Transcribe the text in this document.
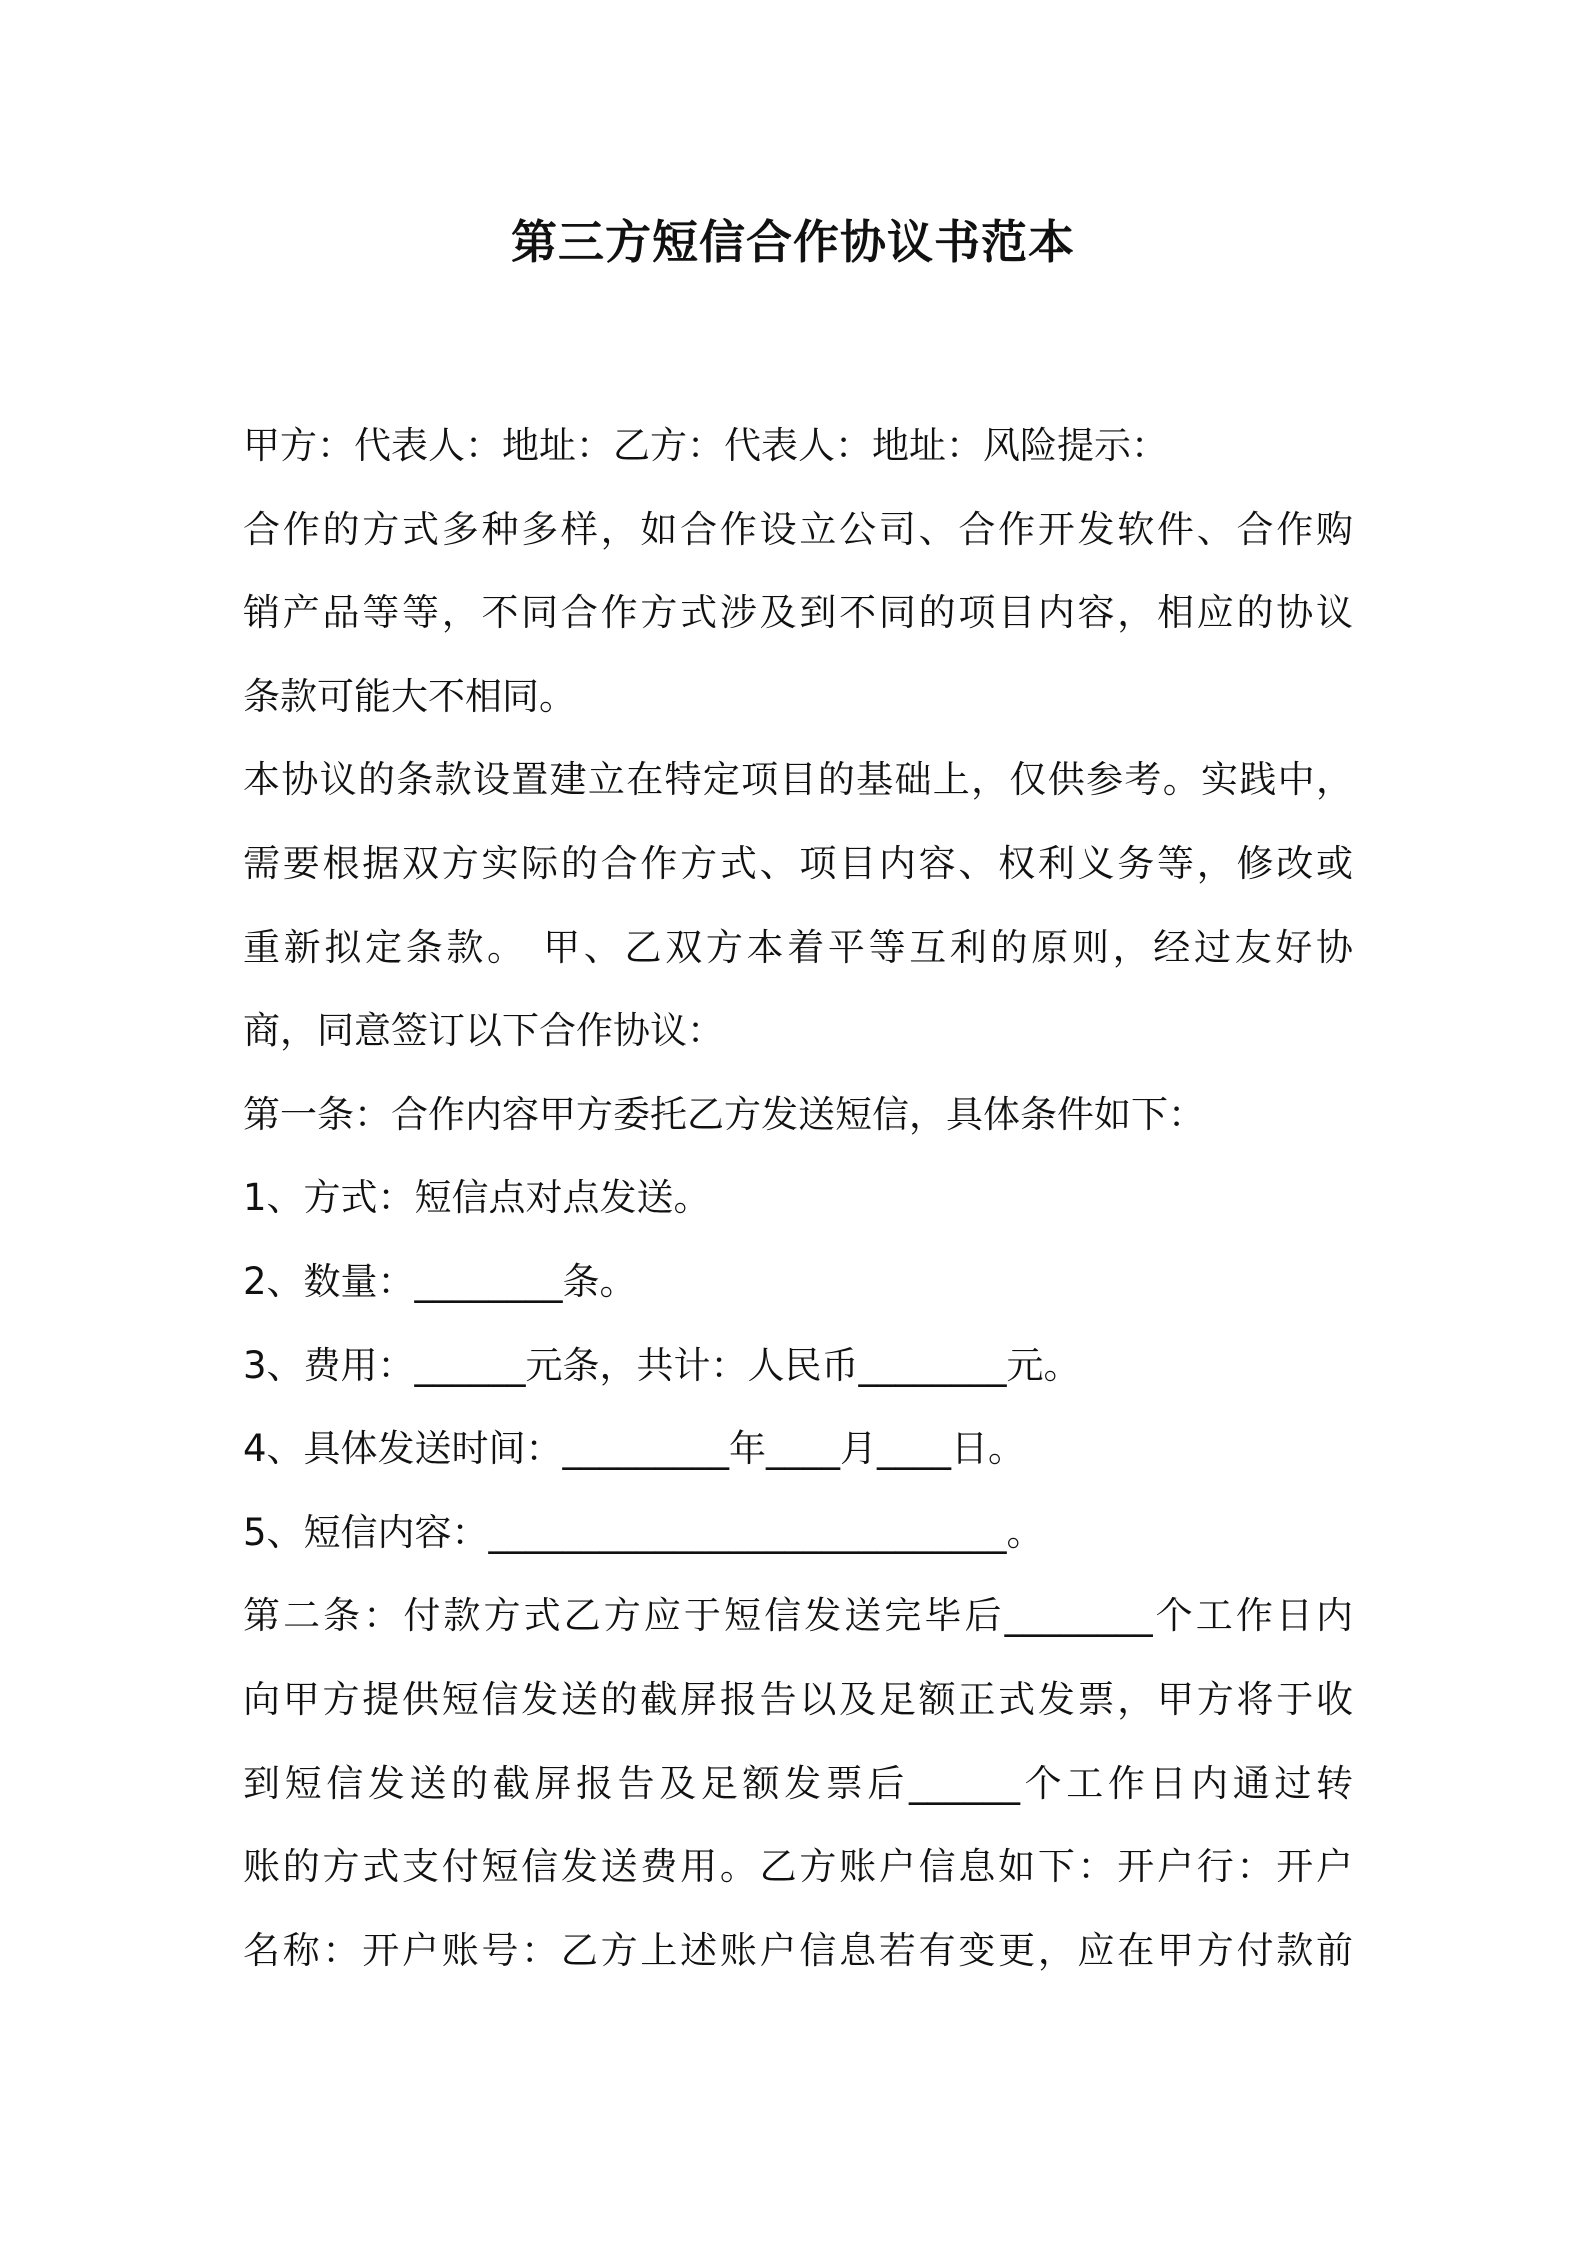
第三方短信合作协议书范本
甲方：代表人：地址：乙方：代表人：地址：风险提示：
合作的方式多种多样，如合作设立公司、合作开发软件、合作购
销产品等等，不同合作方式涉及到不同的项目内容，相应的协议
条款可能大不相同。
本协议的条款设置建立在特定项目的基础上，仅供参考。实践中，
需要根据双方实际的合作方式、项目内容、权利义务等，修改或
重新拟定条款。 甲、乙双方本着平等互利的原则，经过友好协
商，同意签订以下合作协议：
第一条：合作内容甲方委托乙方发送短信，具体条件如下：
1、方式：短信点对点发送。
2、数量：________条。
3、费用：______元条，共计：人民币________元。
4、具体发送时间：_________年____月____日。
5、短信内容：____________________________。
第二条：付款方式乙方应于短信发送完毕后________个工作日内
向甲方提供短信发送的截屏报告以及足额正式发票，甲方将于收
到短信发送的截屏报告及足额发票后______个工作日内通过转
账的方式支付短信发送费用。乙方账户信息如下：开户行：开户
名称：开户账号：乙方上述账户信息若有变更，应在甲方付款前
